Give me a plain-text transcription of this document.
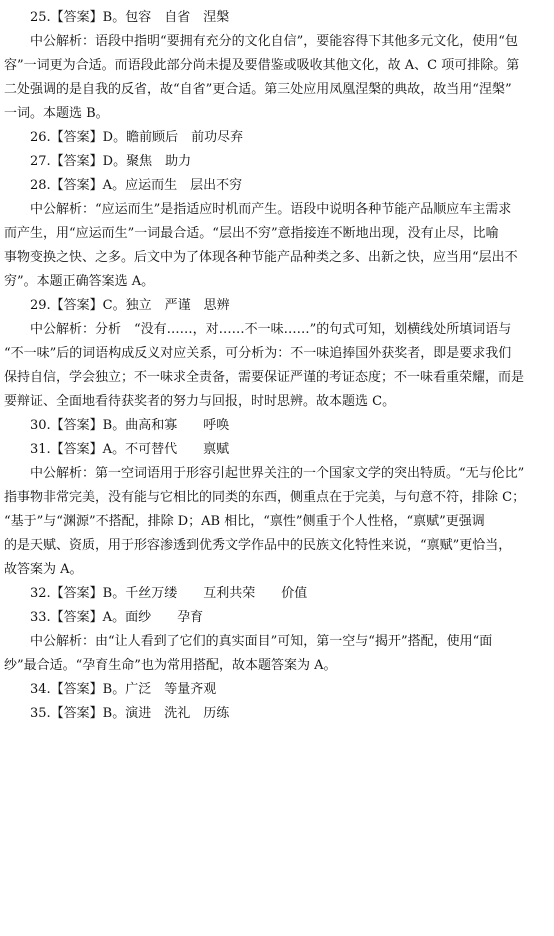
25.【答案】B。包容　自省　涅槃
中公解析：语段中指明“要拥有充分的文化自信”，要能容得下其他多元文化，使用“包
容”一词更为合适。而语段此部分尚未提及要借鉴或吸收其他文化，故 A、C 项可排除。第
二处强调的是自我的反省，故“自省”更合适。第三处应用凤凰涅槃的典故，故当用“涅槃”
一词。本题选 B。
26.【答案】D。瞻前顾后　前功尽弃
27.【答案】D。聚焦　助力
28.【答案】A。应运而生　层出不穷
中公解析：“应运而生”是指适应时机而产生。语段中说明各种节能产品顺应车主需求
而产生，用“应运而生”一词最合适。“层出不穷”意指接连不断地出现，没有止尽，比喻
事物变换之快、之多。后文中为了体现各种节能产品种类之多、出新之快，应当用“层出不
穷”。本题正确答案选 A。
29.【答案】C。独立　严谨　思辨
中公解析：分析　“没有……，对……不一味……”的句式可知，划横线处所填词语与
“不一味”后的词语构成反义对应关系，可分析为：不一味追捧国外获奖者，即是要求我们
保持自信，学会独立；不一味求全责备，需要保证严谨的考证态度；不一味看重荣耀，而是
要辩证、全面地看待获奖者的努力与回报，时时思辨。故本题选 C。
30.【答案】B。曲高和寡　　呼唤
31.【答案】A。不可替代　　禀赋
中公解析：第一空词语用于形容引起世界关注的一个国家文学的突出特质。“无与伦比”
指事物非常完美，没有能与它相比的同类的东西，侧重点在于完美，与句意不符，排除 C；
“基于”与“渊源”不搭配，排除 D；AB 相比，“禀性”侧重于个人性格，“禀赋”更强调
的是天赋、资质，用于形容渗透到优秀文学作品中的民族文化特性来说，“禀赋”更恰当，
故答案为 A。
32.【答案】B。千丝万缕　　互利共荣　　价值
33.【答案】A。面纱　　孕育
中公解析：由“让人看到了它们的真实面目”可知，第一空与“揭开”搭配，使用“面
纱”最合适。“孕育生命”也为常用搭配，故本题答案为 A。
34.【答案】B。广泛　等量齐观
35.【答案】B。演进　洗礼　历练
